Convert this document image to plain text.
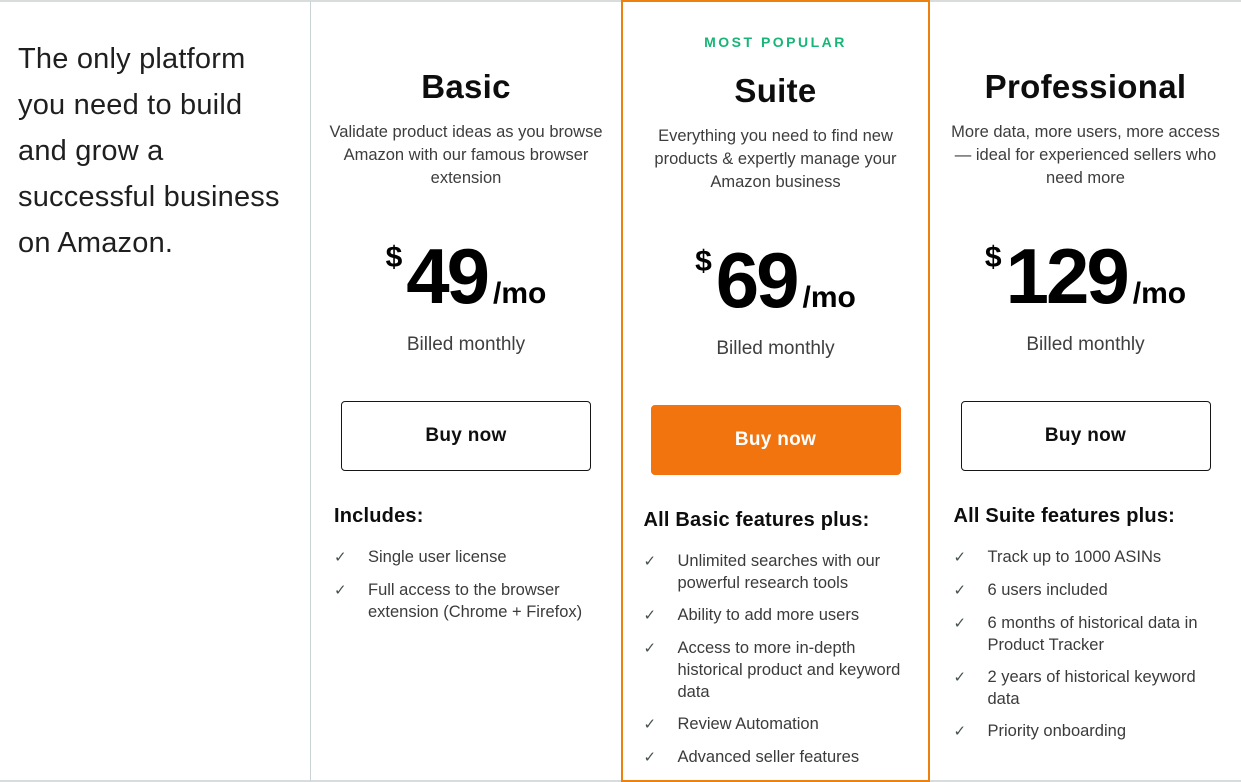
The only platform you need to build and grow a successful business on Amazon.

Basic

Validate product ideas as you browse Amazon with our famous browser extension

$ 49 /mo
Billed monthly
Buy now
Includes:
✓	Single user license
✓	Full access to the browser extension (Chrome + Firefox)
MOST POPULAR
Suite

Everything you need to find new products & expertly manage your Amazon business

$ 69 /mo
Billed monthly
Buy now
All Basic features plus:
✓	Unlimited searches with our powerful research tools
✓	Ability to add more users
✓	Access to more in-depth historical product and keyword data
✓	Review Automation
✓	Advanced seller features
Professional

More data, more users, more access — ideal for experienced sellers who need more

$ 129 /mo
Billed monthly
Buy now
All Suite features plus:
✓	Track up to 1000 ASINs
✓	6 users included
✓	6 months of historical data in Product Tracker
✓	2 years of historical keyword data
✓	Priority onboarding
